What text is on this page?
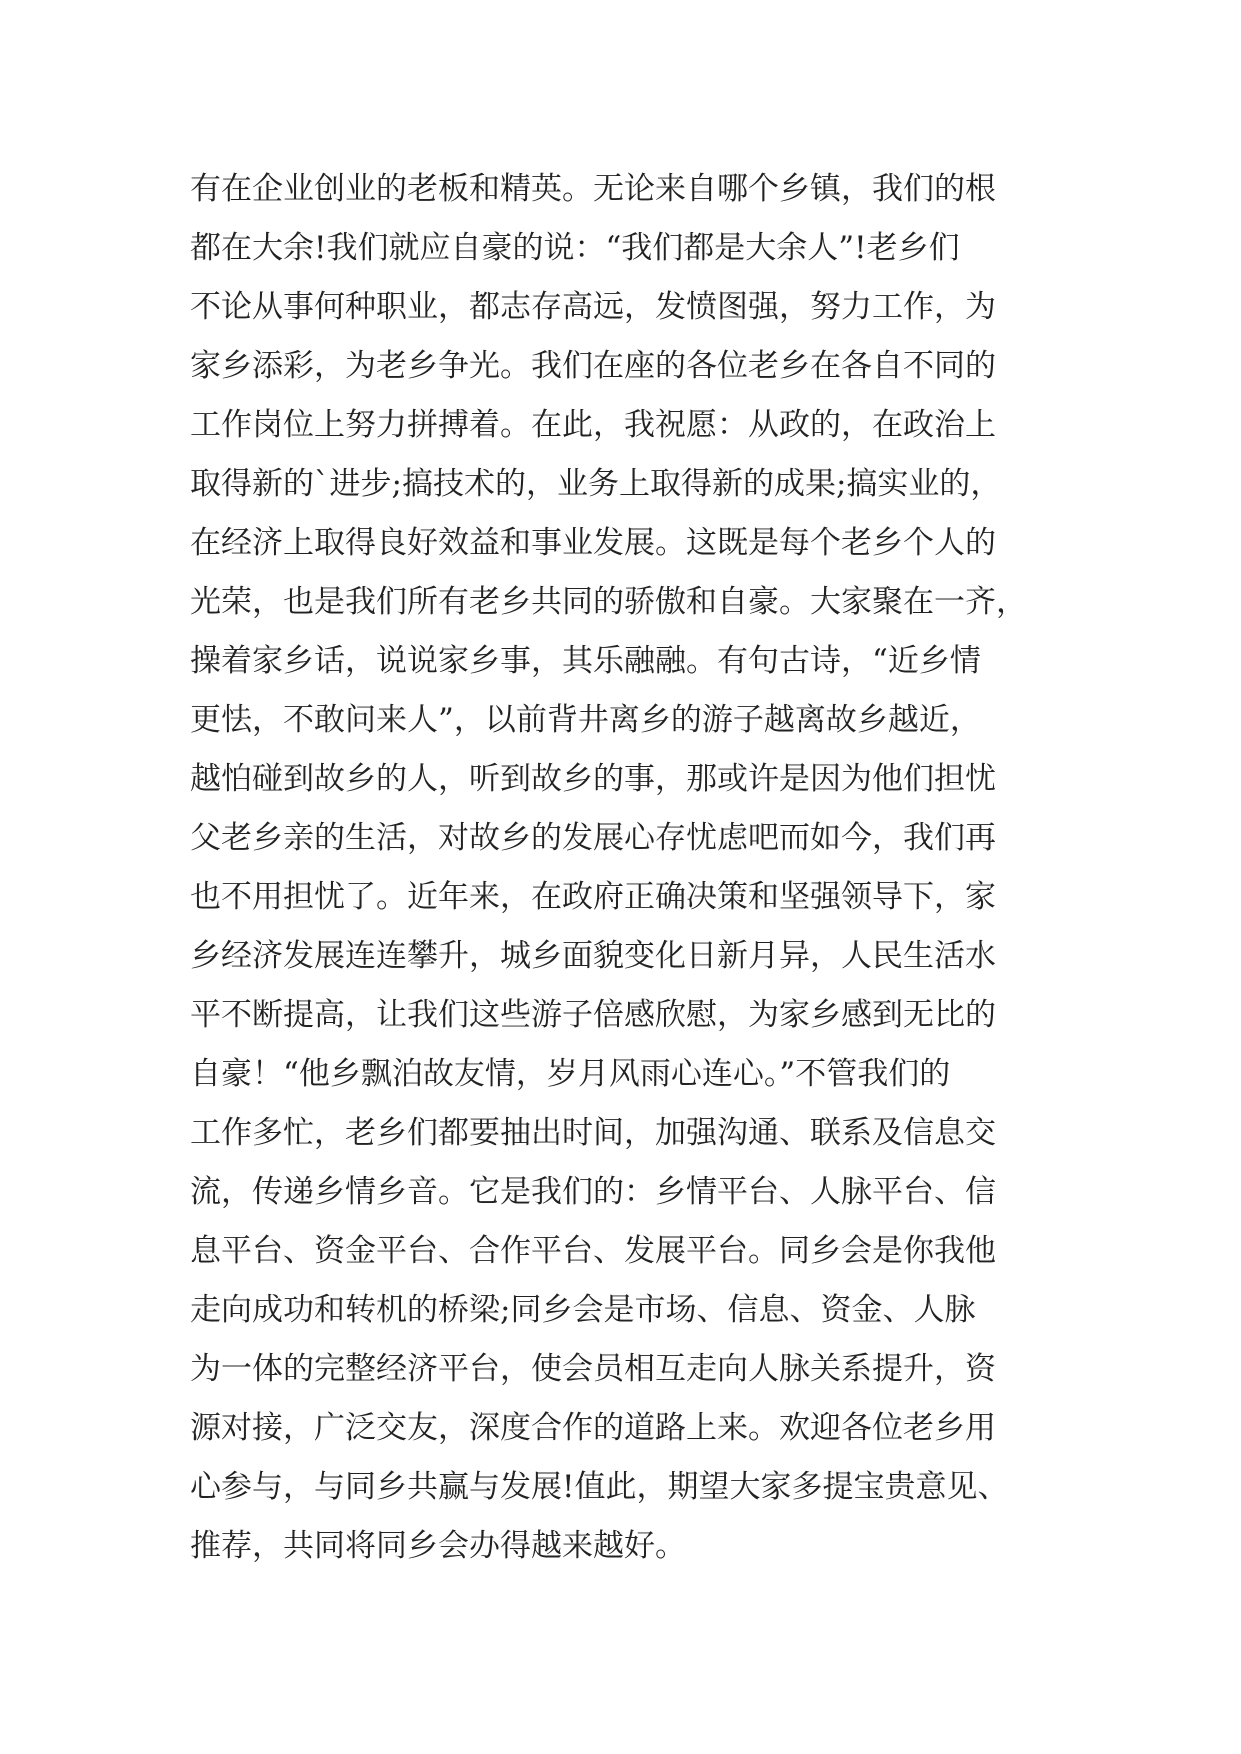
有在企业创业的老板和精英。无论来自哪个乡镇，我们的根
都在大余!我们就应自豪的说：“我们都是大余人”!老乡们
不论从事何种职业，都志存高远，发愤图强，努力工作，为
家乡添彩，为老乡争光。我们在座的各位老乡在各自不同的
工作岗位上努力拼搏着。在此，我祝愿：从政的，在政治上
取得新的`进步;搞技术的，业务上取得新的成果;搞实业的，
在经济上取得良好效益和事业发展。这既是每个老乡个人的
光荣，也是我们所有老乡共同的骄傲和自豪。大家聚在一齐，
操着家乡话，说说家乡事，其乐融融。有句古诗，“近乡情
更怯，不敢问来人”，以前背井离乡的游子越离故乡越近，
越怕碰到故乡的人，听到故乡的事，那或许是因为他们担忧
父老乡亲的生活，对故乡的发展心存忧虑吧而如今，我们再
也不用担忧了。近年来，在政府正确决策和坚强领导下，家
乡经济发展连连攀升，城乡面貌变化日新月异，人民生活水
平不断提高，让我们这些游子倍感欣慰，为家乡感到无比的
自豪！“他乡飘泊故友情，岁月风雨心连心。”不管我们的
工作多忙，老乡们都要抽出时间，加强沟通、联系及信息交
流，传递乡情乡音。它是我们的：乡情平台、人脉平台、信
息平台、资金平台、合作平台、发展平台。同乡会是你我他
走向成功和转机的桥梁;同乡会是市场、信息、资金、人脉
为一体的完整经济平台，使会员相互走向人脉关系提升，资
源对接，广泛交友，深度合作的道路上来。欢迎各位老乡用
心参与，与同乡共赢与发展!值此，期望大家多提宝贵意见、
推荐，共同将同乡会办得越来越好。
